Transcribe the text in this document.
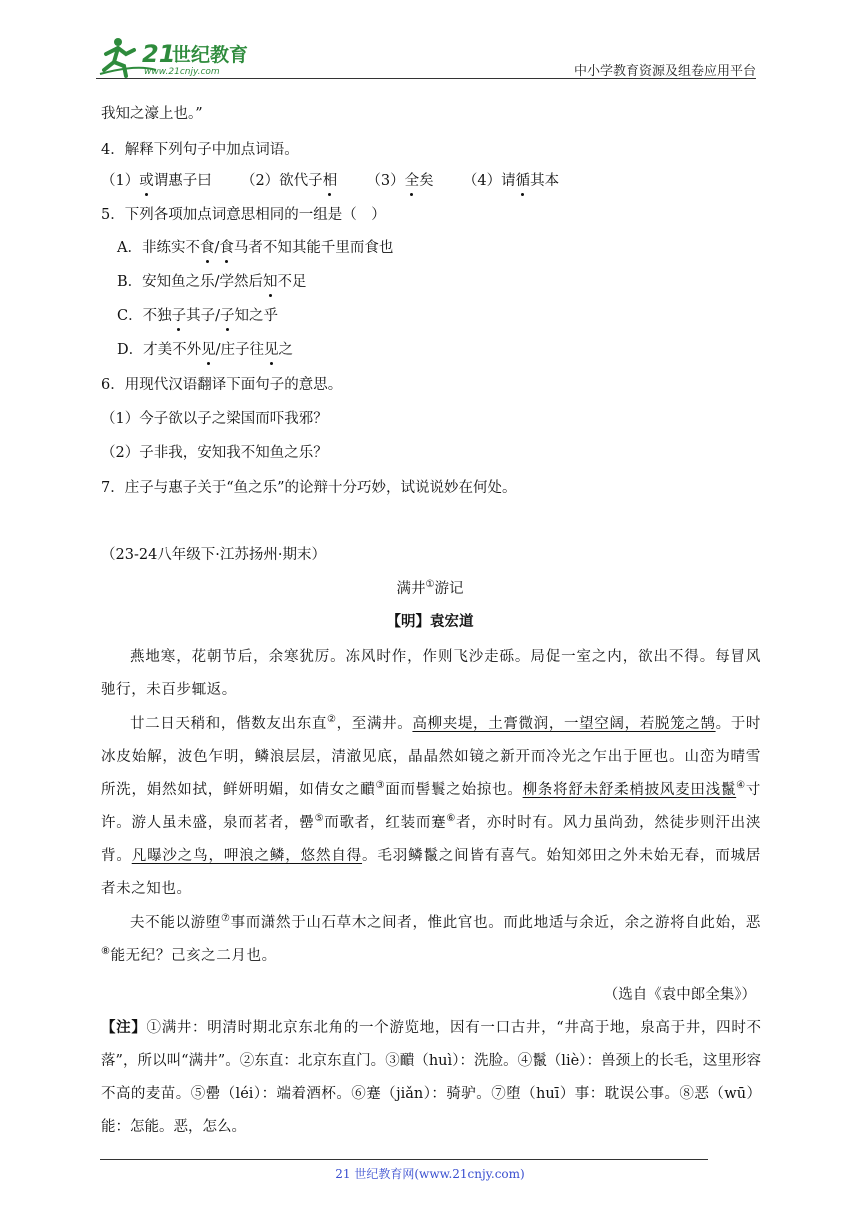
21
世纪教育
www.21cnjy.com	中小学教育资源及组卷应用平台
我知之濠上也。”
4．解释下列句子中加点词语。
（1）或谓惠子曰 （2）欲代子相 （3）全矣 （4）请循其本
5．下列各项加点词意思相同的一组是（　）
A．非练实不食/食马者不知其能千里而食也
B．安知鱼之乐/学然后知不足
C．不独子其子/子知之乎
D．才美不外见/庄子往见之
6．用现代汉语翻译下面句子的意思。
（1）今子欲以子之梁国而吓我邪？
（2）子非我，安知我不知鱼之乐？
7．庄子与惠子关于“鱼之乐”的论辩十分巧妙，试说说妙在何处。
（23-24八年级下·江苏扬州·期末）
满井①游记
【明】袁宏道
燕地寒，花朝节后，余寒犹厉。冻风时作，作则飞沙走砾。局促一室之内，欲出不得。每冒风驰行，未百步辄返。
廿二日天稍和，偕数友出东直②，至满井。高柳夹堤，土膏微润，一望空阔，若脱笼之鹄。于时冰皮始解，波色乍明，鳞浪层层，清澈见底，晶晶然如镜之新开而冷光之乍出于匣也。山峦为晴雪所洗，娟然如拭，鲜妍明媚，如倩女之靧③面而髻鬟之始掠也。柳条将舒未舒柔梢披风麦田浅鬣④寸许。游人虽未盛，泉而茗者，罍⑤而歌者，红装而蹇⑥者，亦时时有。风力虽尚劲，然徒步则汗出浃背。凡曝沙之鸟，呷浪之鳞，悠然自得。毛羽鳞鬣之间皆有喜气。始知郊田之外未始无春，而城居者未之知也。
夫不能以游堕⑦事而潇然于山石草木之间者，惟此官也。而此地适与余近，余之游将自此始，恶⑧能无纪？己亥之二月也。
（选自《袁中郎全集》）
【注】①满井：明清时期北京东北角的一个游览地，因有一口古井，“井高于地，泉高于井，四时不落”，所以叫“满井”。②东直：北京东直门。③靧（huì）：洗脸。④鬣（liè）：兽颈上的长毛，这里形容不高的麦苗。⑤罍（léi）：端着酒杯。⑥蹇（jiǎn）：骑驴。⑦堕（huī）事：耽误公事。⑧恶（wū）能：怎能。恶，怎么。
21 世纪教育网(www.21cnjy.com)
